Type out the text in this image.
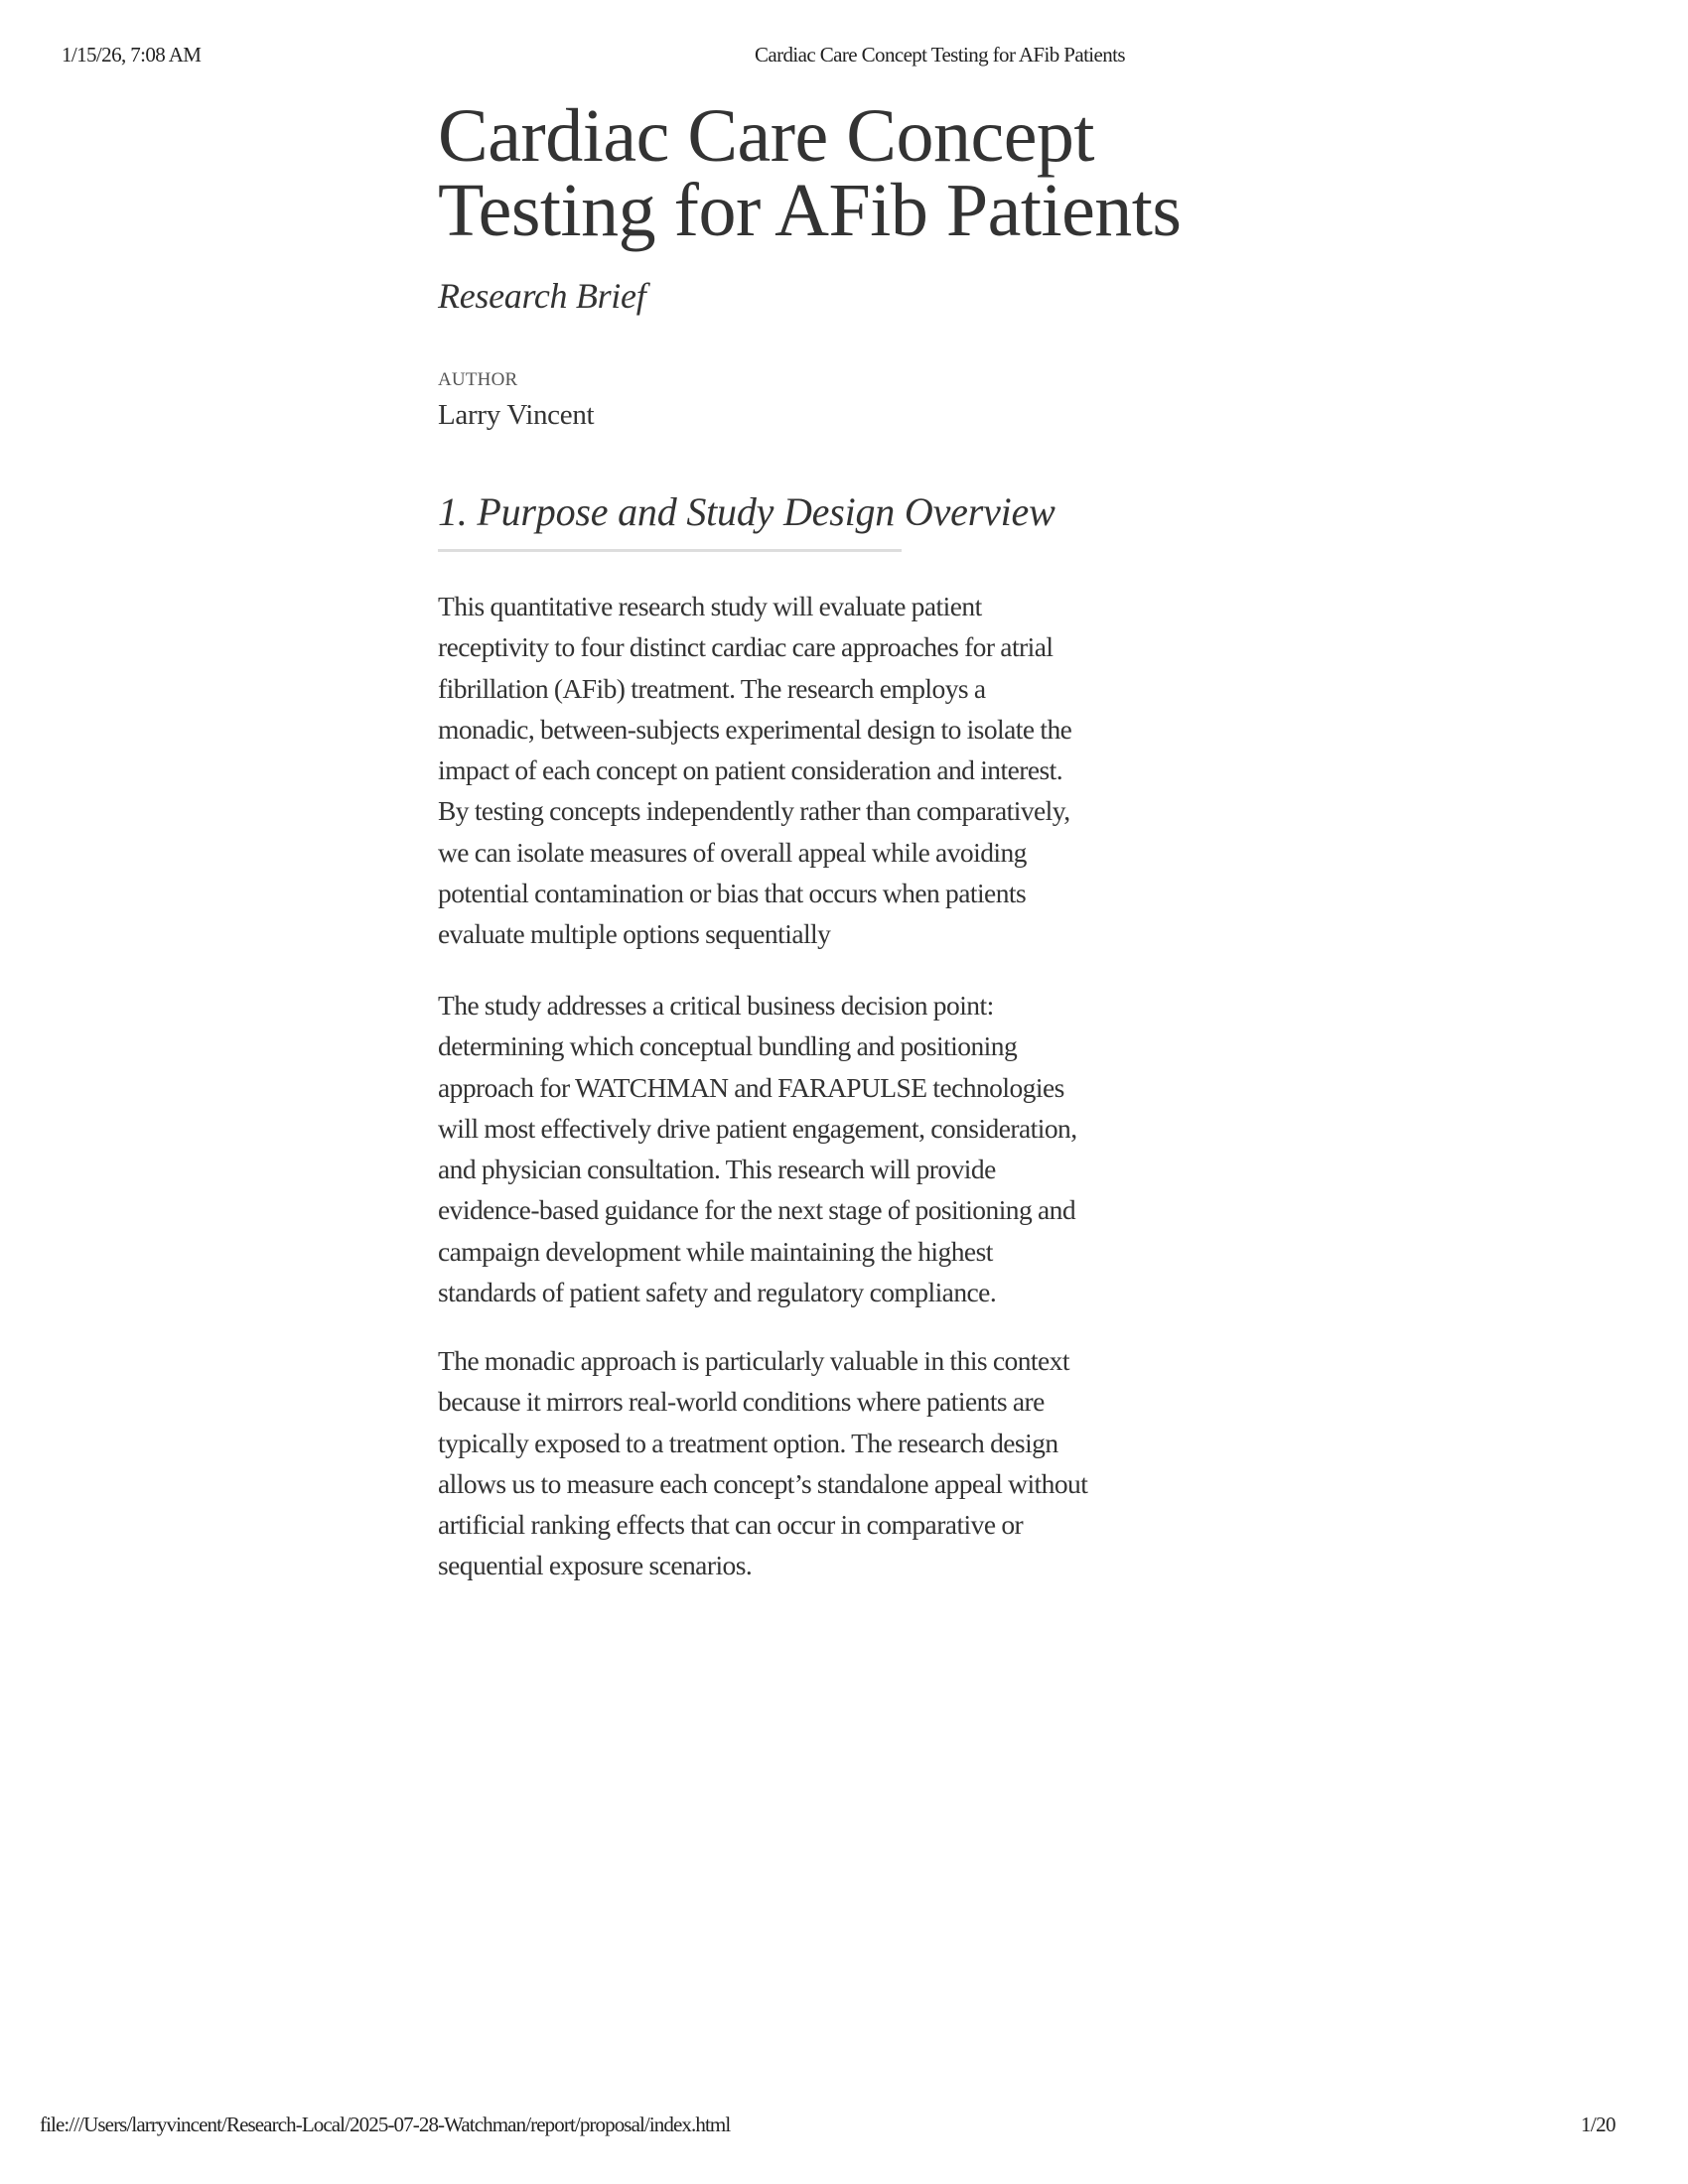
1/15/26, 7:08 AM	Cardiac Care Concept Testing for AFib Patients
Cardiac Care Concept
Testing for AFib Patients
Research Brief
AUTHOR
Larry Vincent
1. Purpose and Study Design Overview

This quantitative research study will evaluate patient
receptivity to four distinct cardiac care approaches for atrial
fibrillation (AFib) treatment. The research employs a
monadic, between-subjects experimental design to isolate the
impact of each concept on patient consideration and interest.
By testing concepts independently rather than comparatively,
we can isolate measures of overall appeal while avoiding
potential contamination or bias that occurs when patients
evaluate multiple options sequentially

The study addresses a critical business decision point:
determining which conceptual bundling and positioning
approach for WATCHMAN and FARAPULSE technologies
will most effectively drive patient engagement, consideration,
and physician consultation. This research will provide
evidence-based guidance for the next stage of positioning and
campaign development while maintaining the highest
standards of patient safety and regulatory compliance.

The monadic approach is particularly valuable in this context
because it mirrors real-world conditions where patients are
typically exposed to a treatment option. The research design
allows us to measure each concept’s standalone appeal without
artificial ranking effects that can occur in comparative or
sequential exposure scenarios.

file:///Users/larryvincent/Research-Local/2025-07-28-Watchman/report/proposal/index.html	1/20
